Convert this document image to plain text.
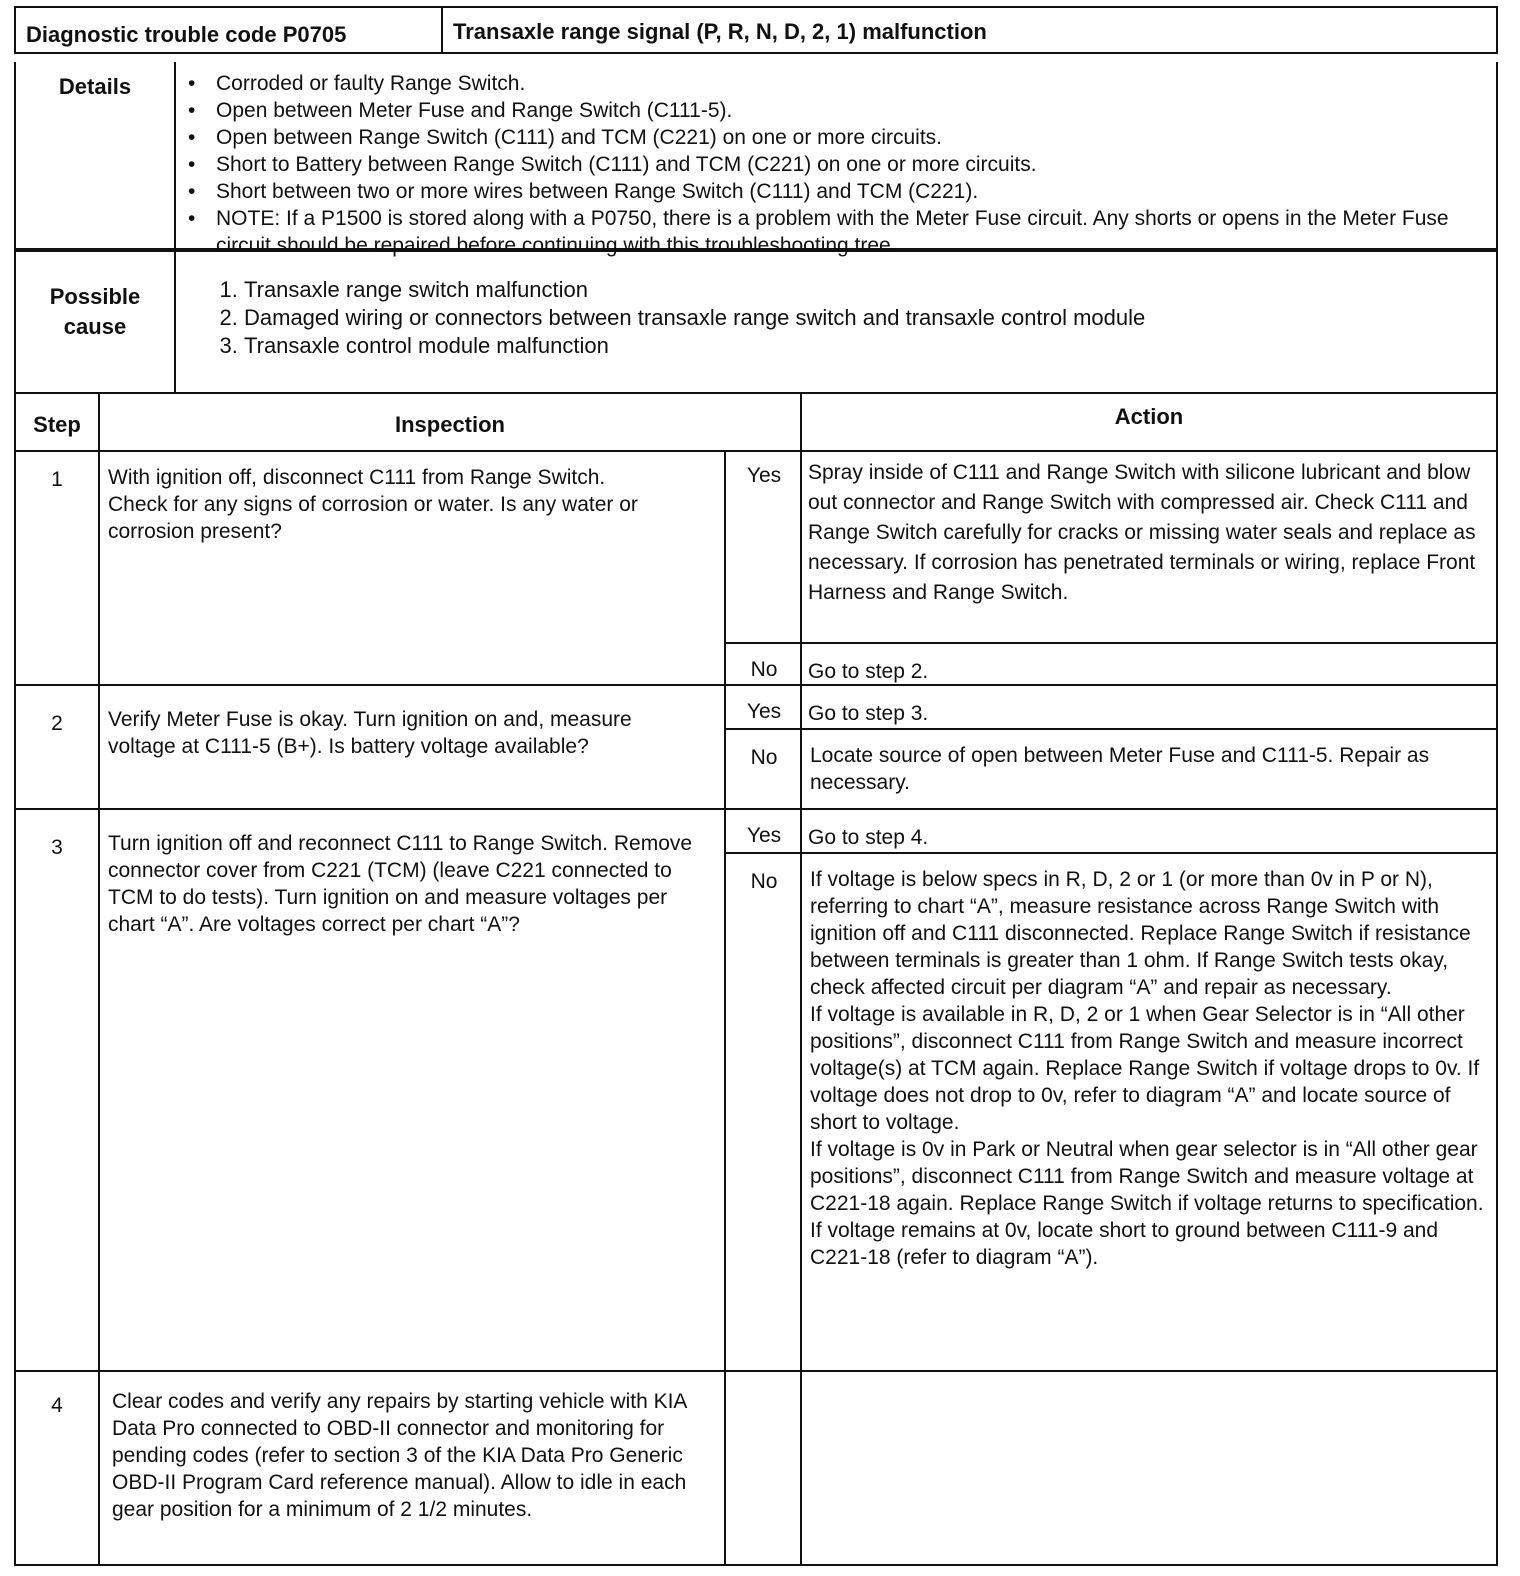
Diagnostic trouble code P0705	Transaxle range signal (P, R, N, D, 2, 1) malfunction
Details
•	Corroded or faulty Range Switch.
• Open between Meter Fuse and Range Switch (C111-5).
• Open between Range Switch (C111) and TCM (C221) on one or more circuits.
• Short to Battery between Range Switch (C111) and TCM (C221) on one or more circuits.
• Short between two or more wires between Range Switch (C111) and TCM (C221).
• NOTE: If a P1500 is stored along with a P0750, there is a problem with the Meter Fuse circuit. Any shorts or opens in the Meter Fuse circuit should be repaired before continuing with this troubleshooting tree.
Possible
cause
1. Transaxle range switch malfunction
2. Damaged wiring or connectors between transaxle range switch and transaxle control module
3. Transaxle control module malfunction
Step	Inspection	Action
1	With ignition off, disconnect C111 from Range Switch. Check for any signs of corrosion or water. Is any water or corrosion present?
Yes	Spray inside of C111 and Range Switch with silicone lubricant and blow out connector and Range Switch with compressed air. Check C111 and Range Switch carefully for cracks or missing water seals and replace as necessary. If corrosion has penetrated terminals or wiring, replace Front Harness and Range Switch.
No	Go to step 2.
2	Verify Meter Fuse is okay. Turn ignition on and, measure voltage at C111-5 (B+). Is battery voltage available?
Yes	Go to step 3.
No	Locate source of open between Meter Fuse and C111-5. Repair as necessary.
3	Turn ignition off and reconnect C111 to Range Switch. Remove connector cover from C221 (TCM) (leave C221 connected to TCM to do tests). Turn ignition on and measure voltages per chart “A”. Are voltages correct per chart “A”?
Yes	Go to step 4.
No	If voltage is below specs in R, D, 2 or 1 (or more than 0v in P or N), referring to chart “A”, measure resistance across Range Switch with ignition off and C111 disconnected. Replace Range Switch if resistance between terminals is greater than 1 ohm. If Range Switch tests okay, check affected circuit per diagram “A” and repair as necessary.
If voltage is available in R, D, 2 or 1 when Gear Selector is in “All other positions”, disconnect C111 from Range Switch and measure incorrect voltage(s) at TCM again. Replace Range Switch if voltage drops to 0v. If voltage does not drop to 0v, refer to diagram “A” and locate source of short to voltage.
If voltage is 0v in Park or Neutral when gear selector is in “All other gear positions”, disconnect C111 from Range Switch and measure voltage at C221-18 again. Replace Range Switch if voltage returns to specification. If voltage remains at 0v, locate short to ground between C111-9 and C221-18 (refer to diagram “A”).
4	Clear codes and verify any repairs by starting vehicle with KIA Data Pro connected to OBD-II connector and monitoring for pending codes (refer to section 3 of the KIA Data Pro Generic OBD-II Program Card reference manual). Allow to idle in each gear position for a minimum of 2 1/2 minutes.
